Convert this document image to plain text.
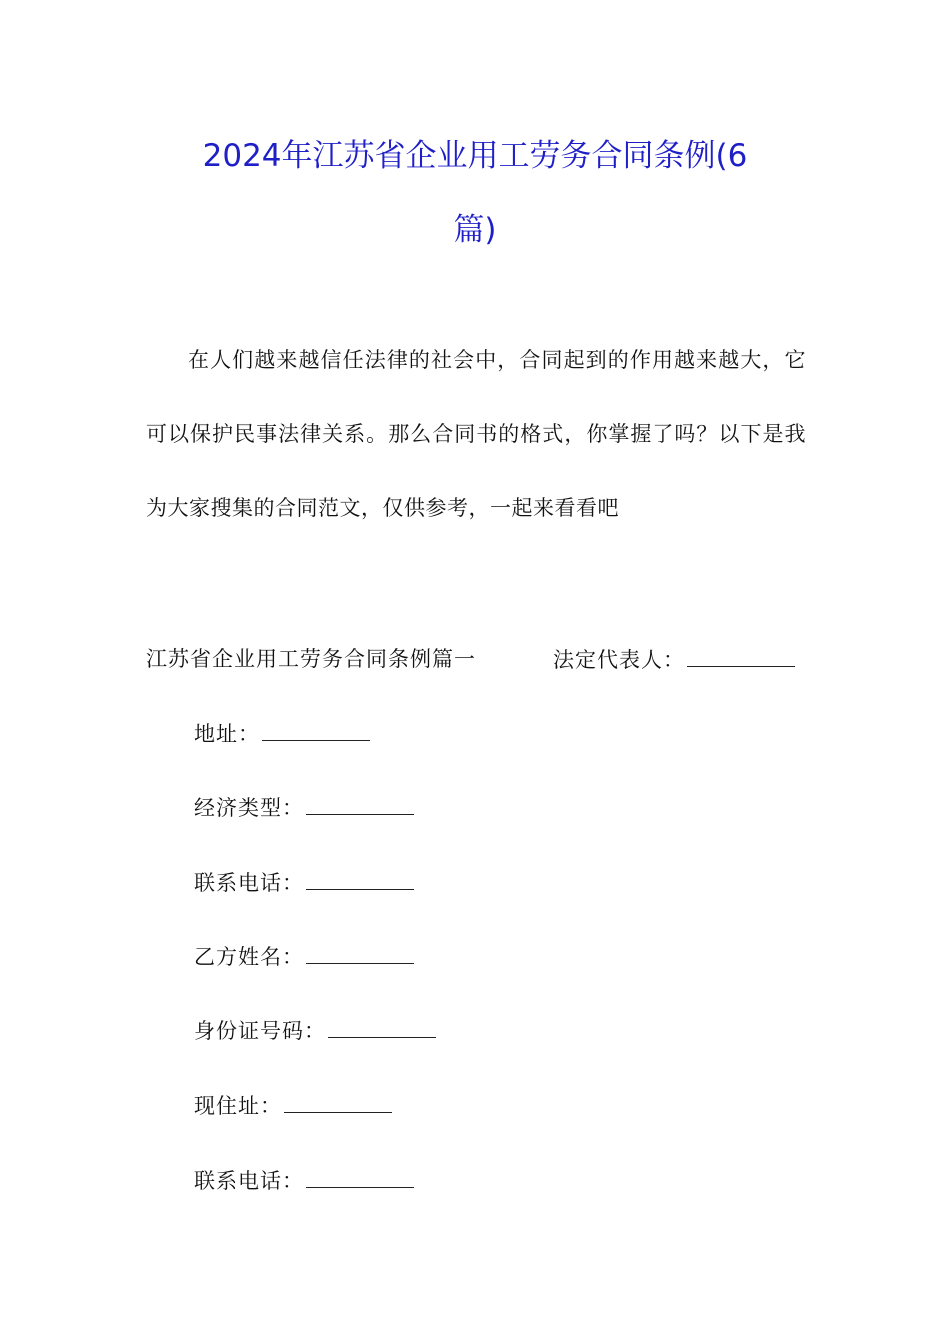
2024年江苏省企业用工劳务合同条例(6
篇)
在人们越来越信任法律的社会中，合同起到的作用越来越大，它可以保护民事法律关系。那么合同书的格式，你掌握了吗？以下是我为大家搜集的合同范文，仅供参考，一起来看看吧
江苏省企业用工劳务合同条例篇一	法定代表人：
地址：
经济类型：
联系电话：
乙方姓名：
身份证号码：
现住址：
联系电话：
